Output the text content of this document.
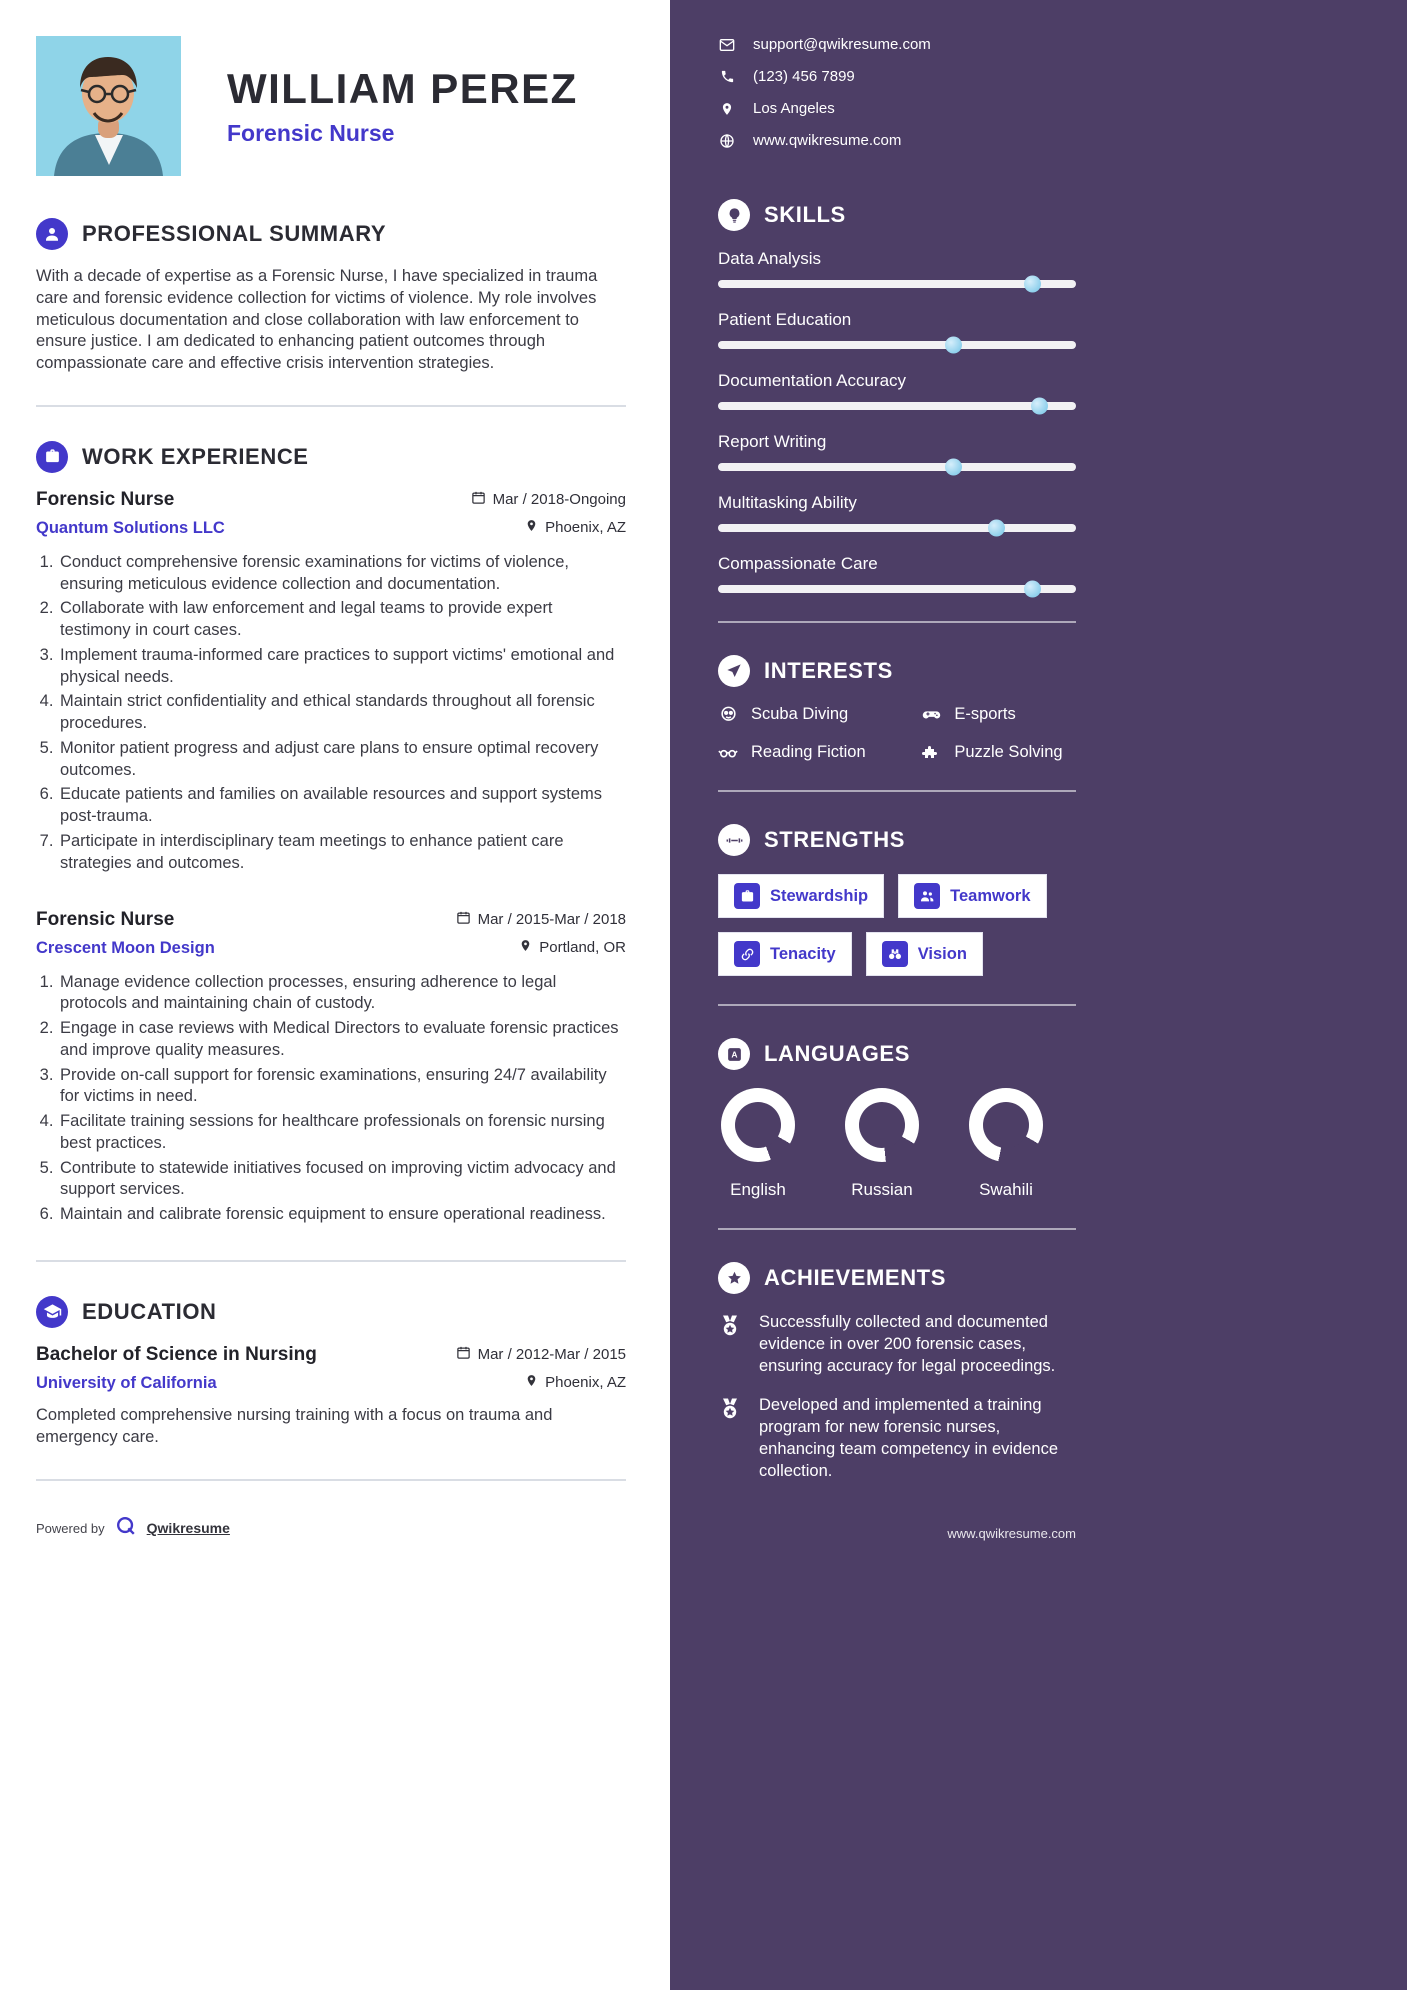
WILLIAM PEREZ
Forensic Nurse
PROFESSIONAL SUMMARY

With a decade of expertise as a Forensic Nurse, I have specialized in trauma care and forensic evidence collection for victims of violence. My role involves meticulous documentation and close collaboration with law enforcement to ensure justice. I am dedicated to enhancing patient outcomes through compassionate care and effective crisis intervention strategies.

WORK EXPERIENCE
Forensic Nurse	Mar / 2018-Ongoing
Quantum Solutions LLC	Phoenix, AZ
1. Conduct comprehensive forensic examinations for victims of violence, ensuring meticulous evidence collection and documentation.
2. Collaborate with law enforcement and legal teams to provide expert testimony in court cases.
3. Implement trauma-informed care practices to support victims' emotional and physical needs.
4. Maintain strict confidentiality and ethical standards throughout all forensic procedures.
5. Monitor patient progress and adjust care plans to ensure optimal recovery outcomes.
6. Educate patients and families on available resources and support systems post-trauma.
7. Participate in interdisciplinary team meetings to enhance patient care strategies and outcomes.
Forensic Nurse	Mar / 2015-Mar / 2018
Crescent Moon Design	Portland, OR
1. Manage evidence collection processes, ensuring adherence to legal protocols and maintaining chain of custody.
2. Engage in case reviews with Medical Directors to evaluate forensic practices and improve quality measures.
3. Provide on-call support for forensic examinations, ensuring 24/7 availability for victims in need.
4. Facilitate training sessions for healthcare professionals on forensic nursing best practices.
5. Contribute to statewide initiatives focused on improving victim advocacy and support services.
6. Maintain and calibrate forensic equipment to ensure operational readiness.
EDUCATION
Bachelor of Science in Nursing	Mar / 2012-Mar / 2015
University of California	Phoenix, AZ

Completed comprehensive nursing training with a focus on trauma and emergency care.

Powered by	Qwikresume
support@qwikresume.com
(123) 456 7899
Los Angeles
www.qwikresume.com
SKILLS
Data Analysis
Patient Education
Documentation Accuracy
Report Writing
Multitasking Ability
Compassionate Care
INTERESTS
Scuba Diving	E-sports
Reading Fiction	Puzzle Solving
STRENGTHS
Stewardship	Teamwork
Tenacity	Vision
A LANGUAGES
English	Russian	Swahili
ACHIEVEMENTS
Successfully collected and documented evidence in over 200 forensic cases, ensuring accuracy for legal proceedings.
Developed and implemented a training program for new forensic nurses, enhancing team competency in evidence collection.
www.qwikresume.com
